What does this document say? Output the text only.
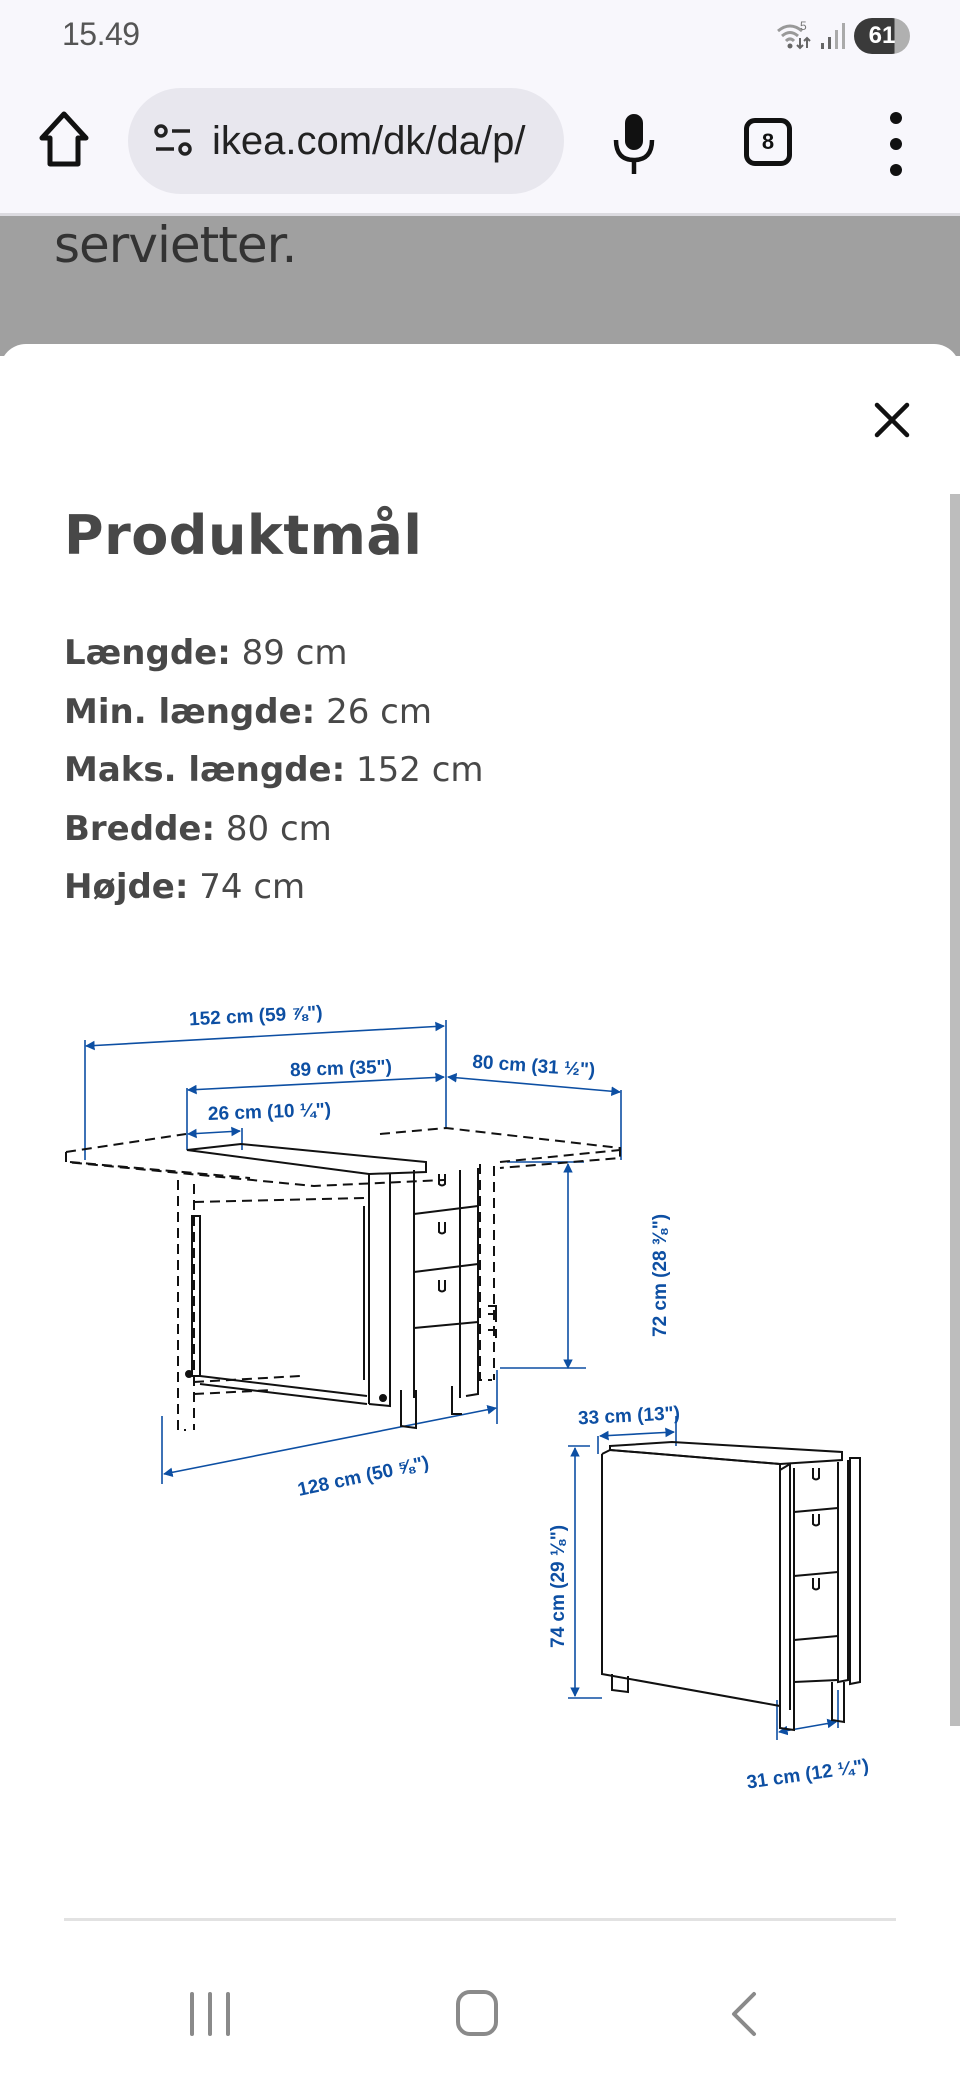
15.49	5	61
ikea.com/dk/da/p/	8
servietter.
Produktmål
Længde: 89 cm
Min. længde: 26 cm
Maks. længde: 152 cm
Bredde: 80 cm
Højde: 74 cm
152 cm (59 ⅞")
89 cm (35")	80 cm (31 ½")
26 cm (10 ¼")
72 cm (28 ⅜")
128 cm (50 ⅝")
33 cm (13")
74 cm (29 ⅛")
31 cm (12 ¼")
